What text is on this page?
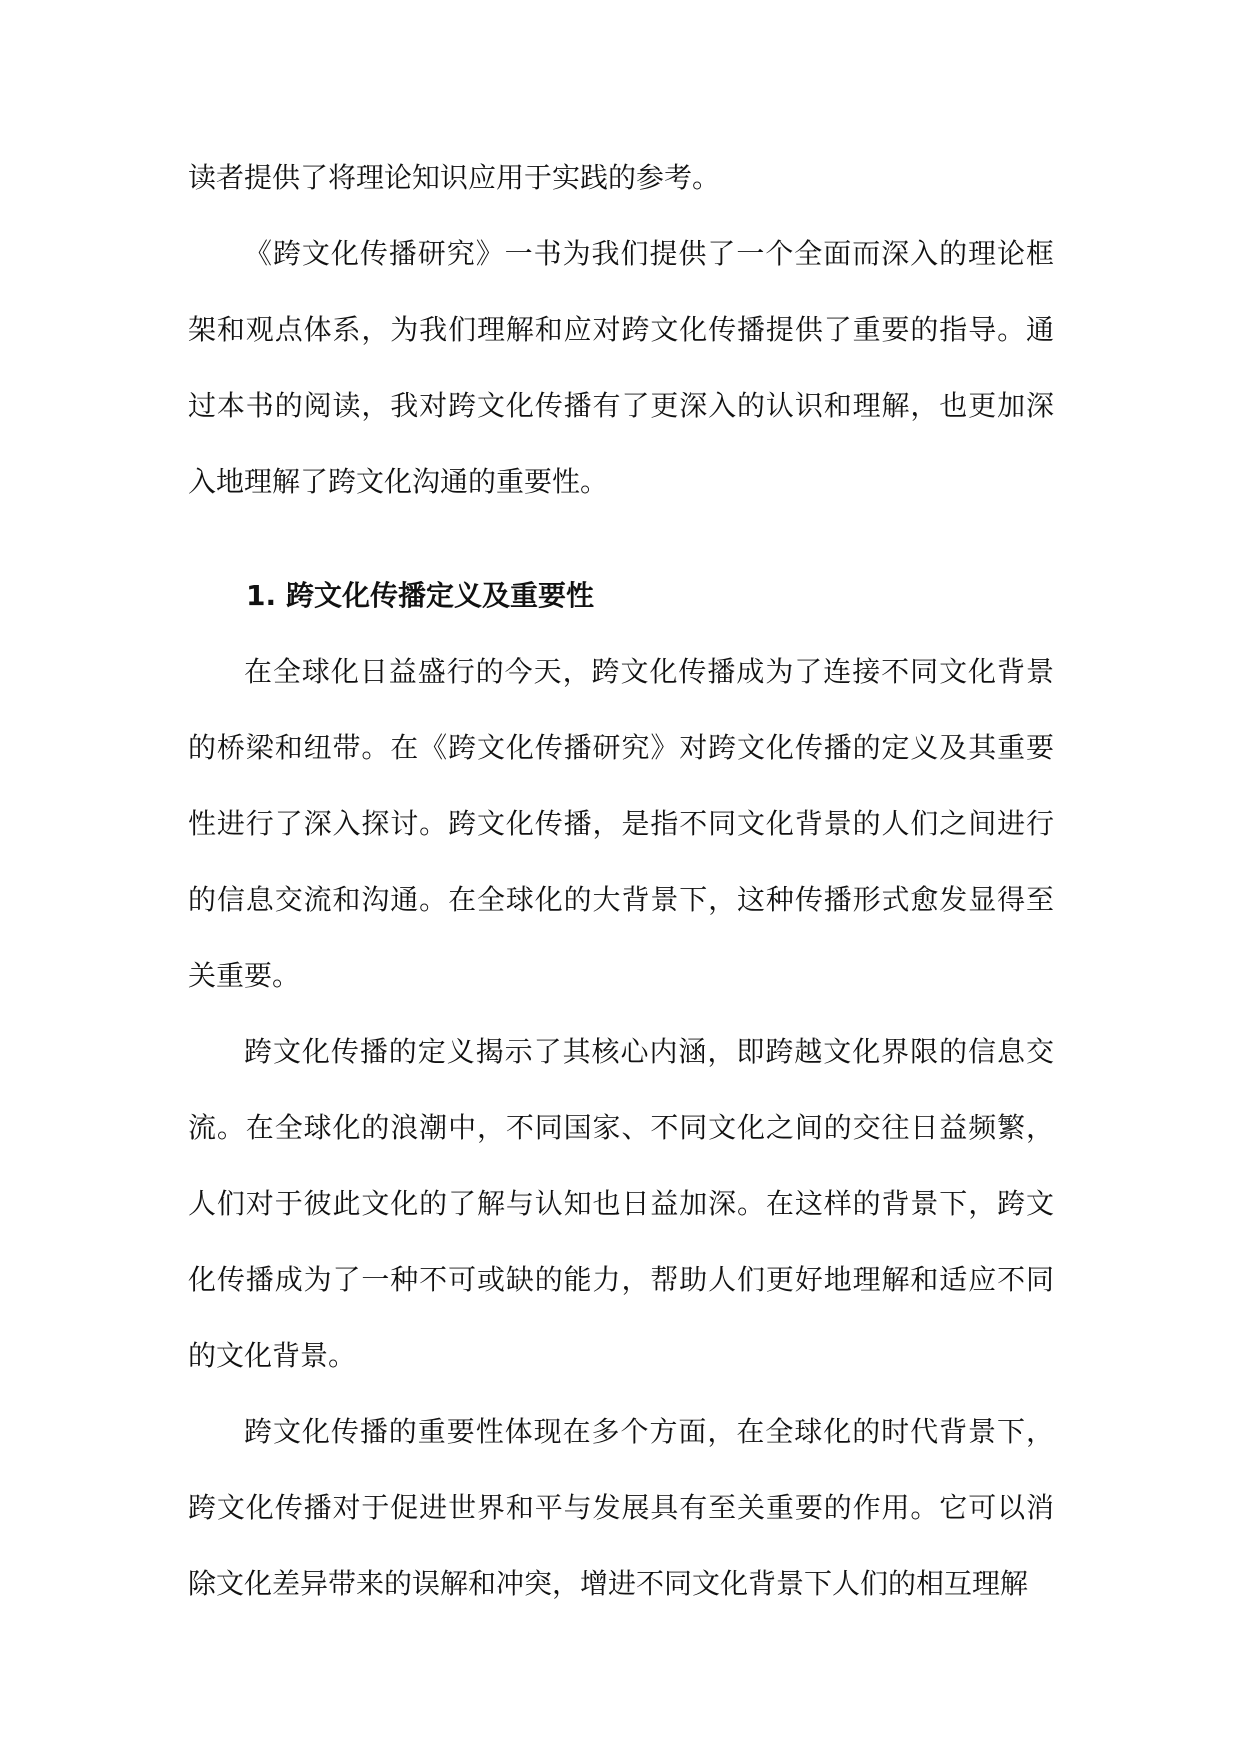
读者提供了将理论知识应用于实践的参考。

《跨文化传播研究》一书为我们提供了一个全面而深入的理论框架和观点体系，为我们理解和应对跨文化传播提供了重要的指导。通过本书的阅读，我对跨文化传播有了更深入的认识和理解，也更加深入地理解了跨文化沟通的重要性。

1. 跨文化传播定义及重要性

在全球化日益盛行的今天，跨文化传播成为了连接不同文化背景的桥梁和纽带。在《跨文化传播研究》对跨文化传播的定义及其重要性进行了深入探讨。跨文化传播，是指不同文化背景的人们之间进行的信息交流和沟通。在全球化的大背景下，这种传播形式愈发显得至关重要。

跨文化传播的定义揭示了其核心内涵，即跨越文化界限的信息交流。在全球化的浪潮中，不同国家、不同文化之间的交往日益频繁，人们对于彼此文化的了解与认知也日益加深。在这样的背景下，跨文化传播成为了一种不可或缺的能力，帮助人们更好地理解和适应不同的文化背景。

跨文化传播的重要性体现在多个方面，在全球化的时代背景下，跨文化传播对于促进世界和平与发展具有至关重要的作用。它可以消除文化差异带来的误解和冲突，增进不同文化背景下人们的相互理解
